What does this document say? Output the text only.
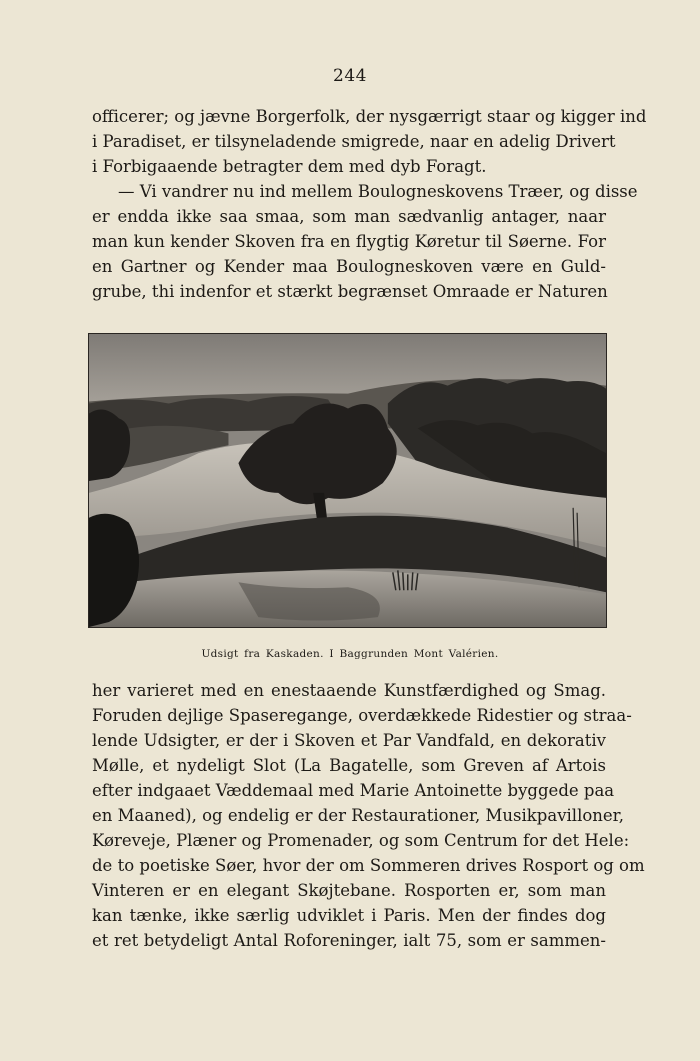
244
officerer; og jævne Borgerfolk, der nysgærrigt staar og kigger ind
i Paradiset, er tilsyneladende smigrede, naar en adelig Drivert
i Forbigaaende betragter dem med dyb Foragt.
— Vi vandrer nu ind mellem Boulogneskovens Træer, og disse
er endda ikke saa smaa, som man sædvanlig antager, naar
man kun kender Skoven fra en flygtig Køretur til Søerne. For
en Gartner og Kender maa Boulogneskoven være en Guld-
grube, thi indenfor et stærkt begrænset Omraade er Naturen
Udsigt fra Kaskaden. I Baggrunden Mont Valérien.
her varieret med en enestaaende Kunstfærdighed og Smag.
Foruden dejlige Spaseregange, overdækkede Ridestier og straa-
lende Udsigter, er der i Skoven et Par Vandfald, en dekorativ
Mølle, et nydeligt Slot (La Bagatelle, som Greven af Artois
efter indgaaet Væddemaal med Marie Antoinette byggede paa
en Maaned), og endelig er der Restaurationer, Musikpavilloner,
Køreveje, Plæner og Promenader, og som Centrum for det Hele:
de to poetiske Søer, hvor der om Sommeren drives Rosport og om
Vinteren er en elegant Skøjtebane. Rosporten er, som man
kan tænke, ikke særlig udviklet i Paris. Men der findes dog
et ret betydeligt Antal Roforeninger, ialt 75, som er sammen-
